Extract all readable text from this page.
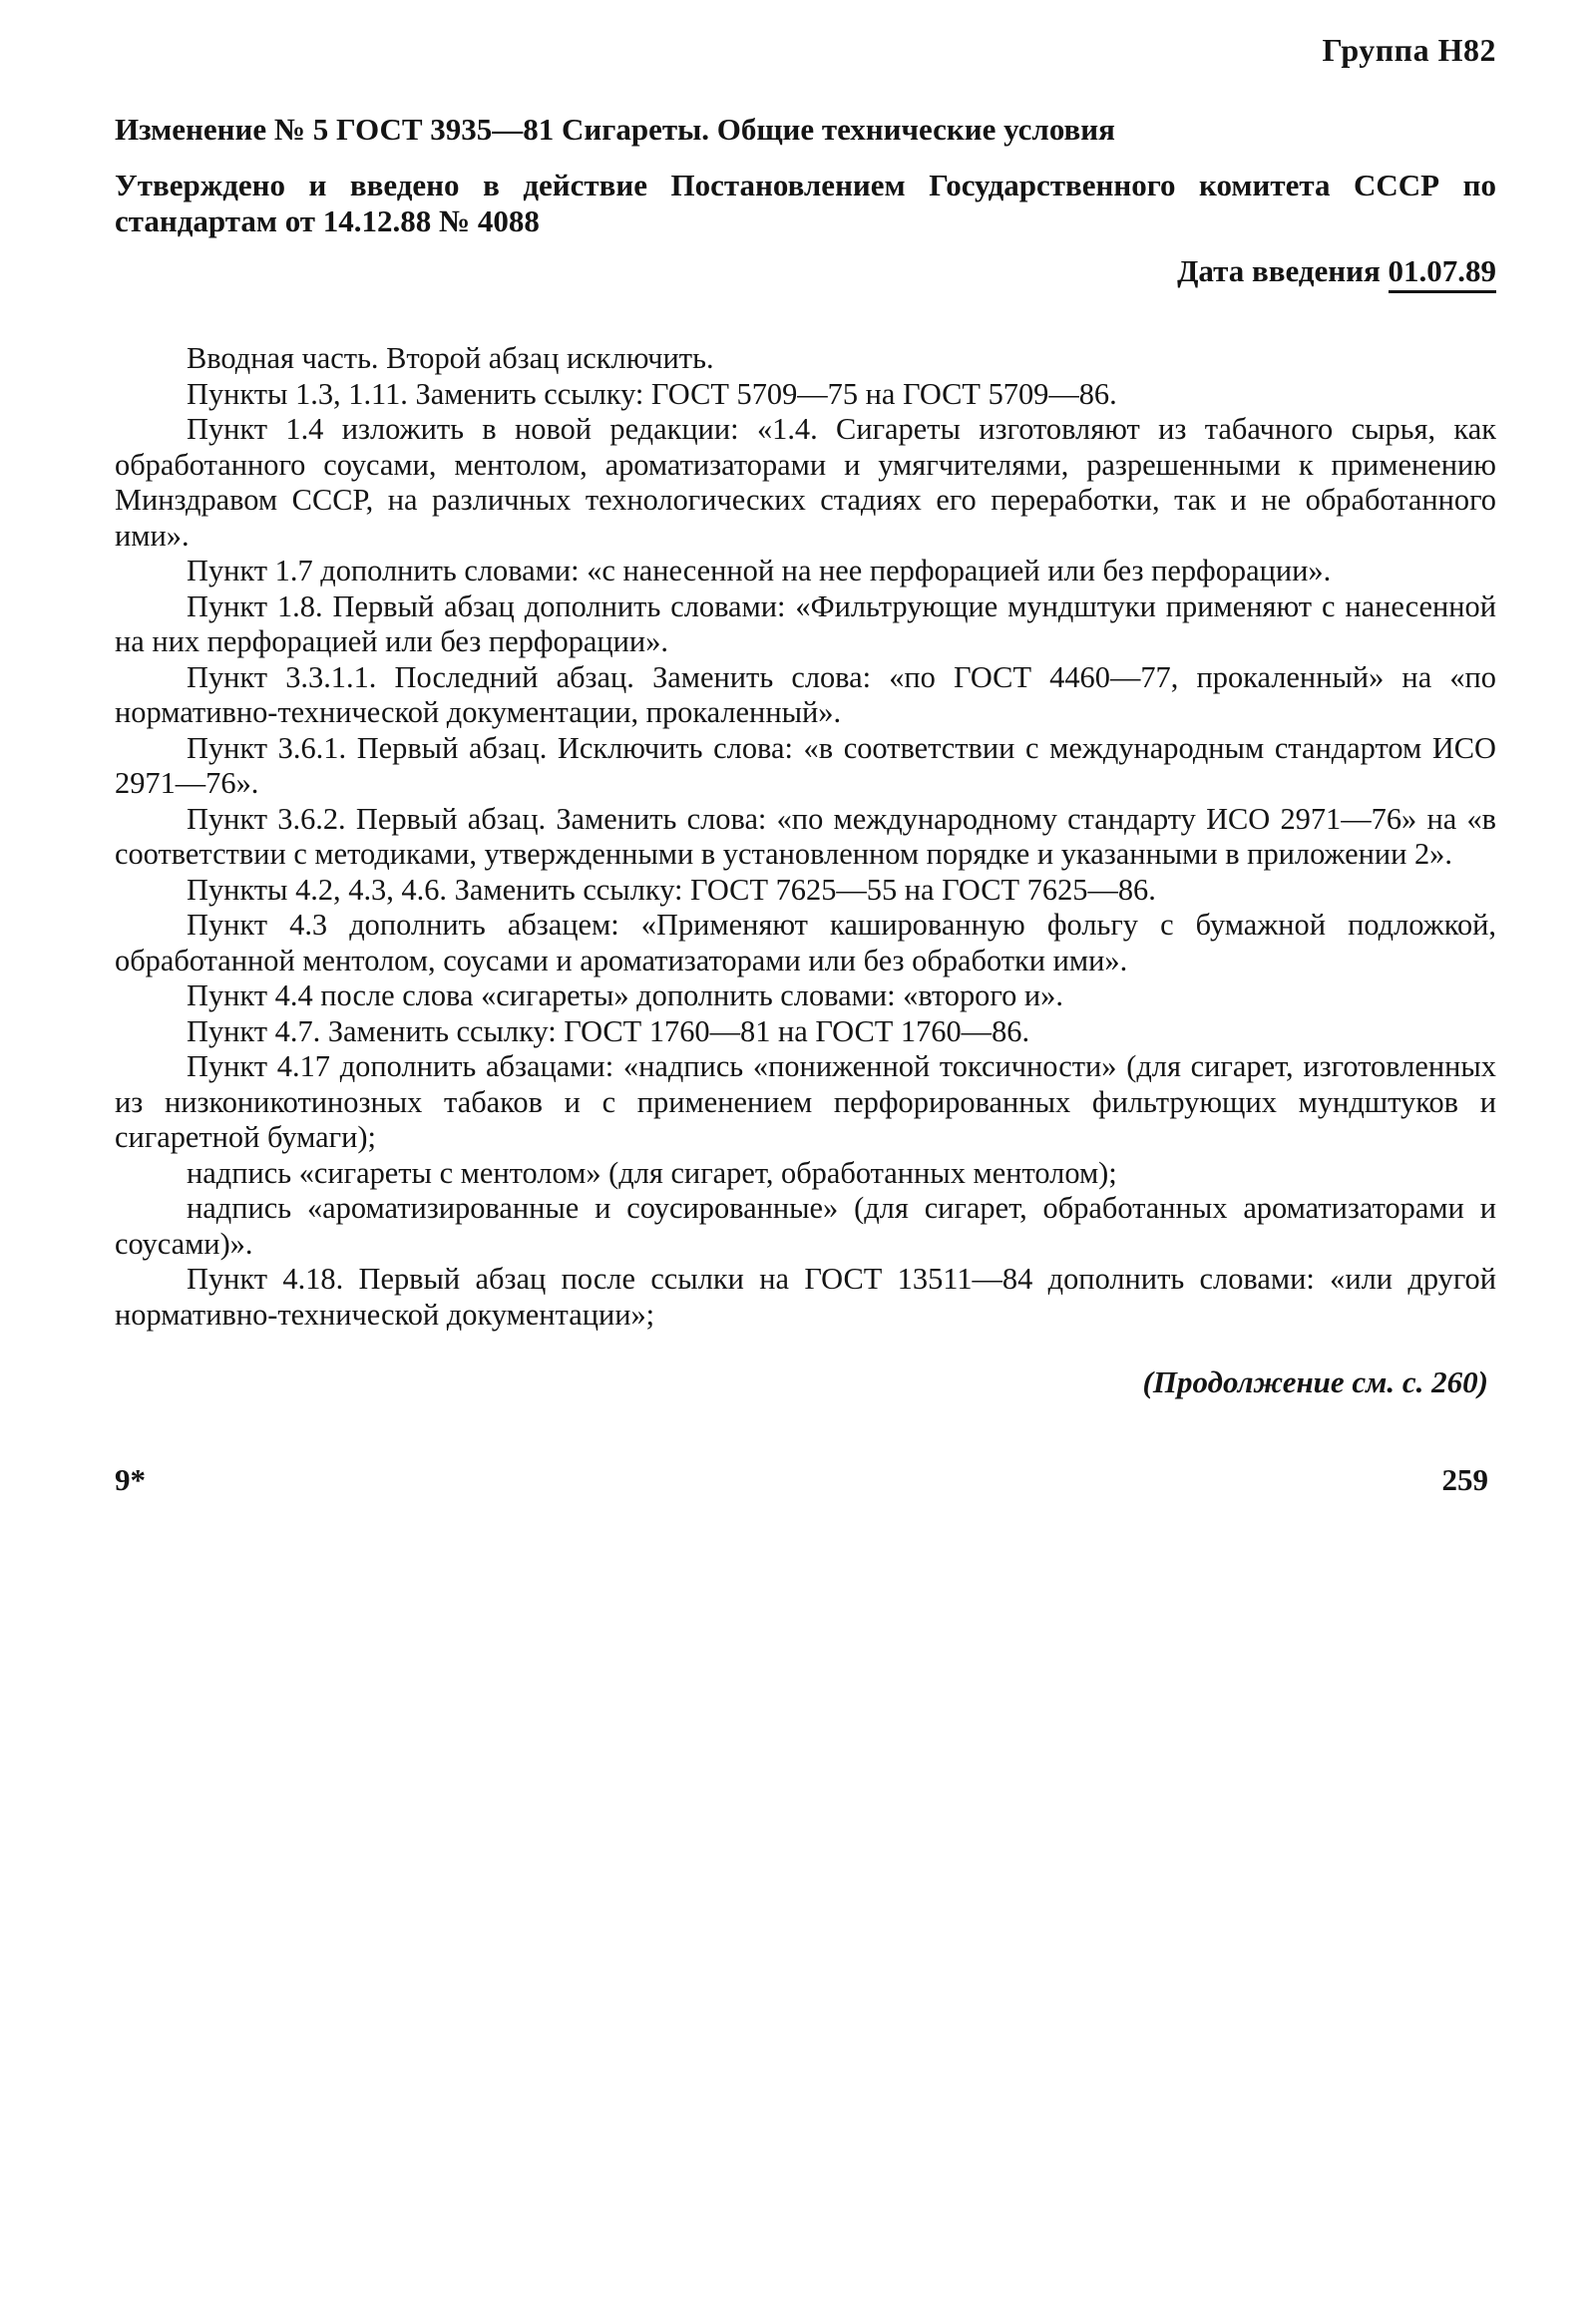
Группа Н82
Изменение № 5 ГОСТ 3935—81 Сигареты. Общие технические условия

Утверждено и введено в действие Постановлением Государственного комитета СССР по стандартам от 14.12.88 № 4088

Дата введения 01.07.89

Вводная часть. Второй абзац исключить.

Пункты 1.3, 1.11. Заменить ссылку: ГОСТ 5709—75 на ГОСТ 5709—86.

Пункт 1.4 изложить в новой редакции: «1.4. Сигареты изготовляют из табачного сырья, как обработанного соусами, ментолом, ароматизаторами и умягчителями, разрешенными к применению Минздравом СССР, на различных технологических стадиях его переработки, так и не обработанного ими».

Пункт 1.7 дополнить словами: «с нанесенной на нее перфорацией или без перфорации».

Пункт 1.8. Первый абзац дополнить словами: «Фильтрующие мундштуки применяют с нанесенной на них перфорацией или без перфорации».

Пункт 3.3.1.1. Последний абзац. Заменить слова: «по ГОСТ 4460—77, прокаленный» на «по нормативно-технической документации, прокаленный».

Пункт 3.6.1. Первый абзац. Исключить слова: «в соответствии с международным стандартом ИСО 2971—76».

Пункт 3.6.2. Первый абзац. Заменить слова: «по международному стандарту ИСО 2971—76» на «в соответствии с методиками, утвержденными в установленном порядке и указанными в приложении 2».

Пункты 4.2, 4.3, 4.6. Заменить ссылку: ГОСТ 7625—55 на ГОСТ 7625—86.

Пункт 4.3 дополнить абзацем: «Применяют кашированную фольгу с бумажной подложкой, обработанной ментолом, соусами и ароматизаторами или без обработки ими».

Пункт 4.4 после слова «сигареты» дополнить словами: «второго и».

Пункт 4.7. Заменить ссылку: ГОСТ 1760—81 на ГОСТ 1760—86.

Пункт 4.17 дополнить абзацами: «надпись «пониженной токсичности» (для сигарет, изготовленных из низконикотинозных табаков и с применением перфорированных фильтрующих мундштуков и сигаретной бумаги);

надпись «сигареты с ментолом» (для сигарет, обработанных ментолом);

надпись «ароматизированные и соусированные» (для сигарет, обработанных ароматизаторами и соусами)».

Пункт 4.18. Первый абзац после ссылки на ГОСТ 13511—84 дополнить словами: «или другой нормативно-технической документации»;

(Продолжение см. с. 260)
9*	259
